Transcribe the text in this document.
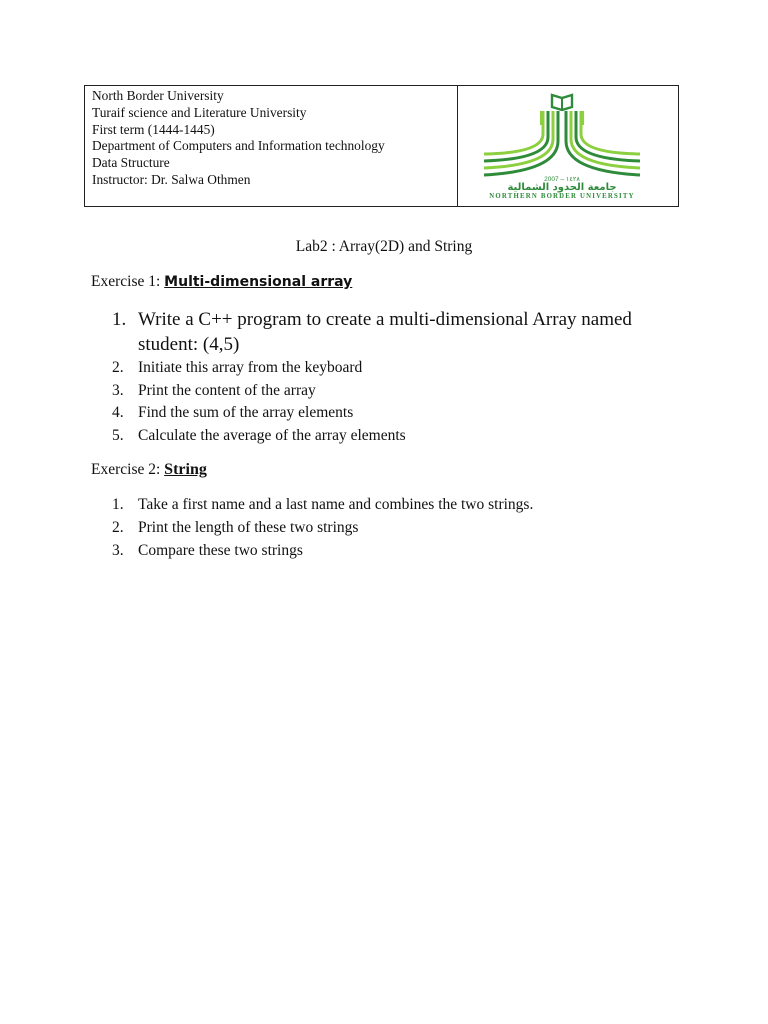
North Border University
Turaif science and Literature University
First term (1444-1445)
Department of Computers and Information technology
Data Structure
Instructor: Dr. Salwa Othmen	2007 – ١٤٢٨
جامعة الحدود الشمالية
NORTHERN BORDER UNIVERSITY
Lab2 : Array(2D) and String
Exercise 1: Multi-dimensional array
1. Write a C++ program to create a multi-dimensional Array named
student: (4,5)
2. Initiate this array from the keyboard
3. Print the content of the array
4. Find the sum of the array elements
5. Calculate the average of the array elements
Exercise 2: String
1. Take a first name and a last name and combines the two strings.
2. Print the length of these two strings
3. Compare these two strings
